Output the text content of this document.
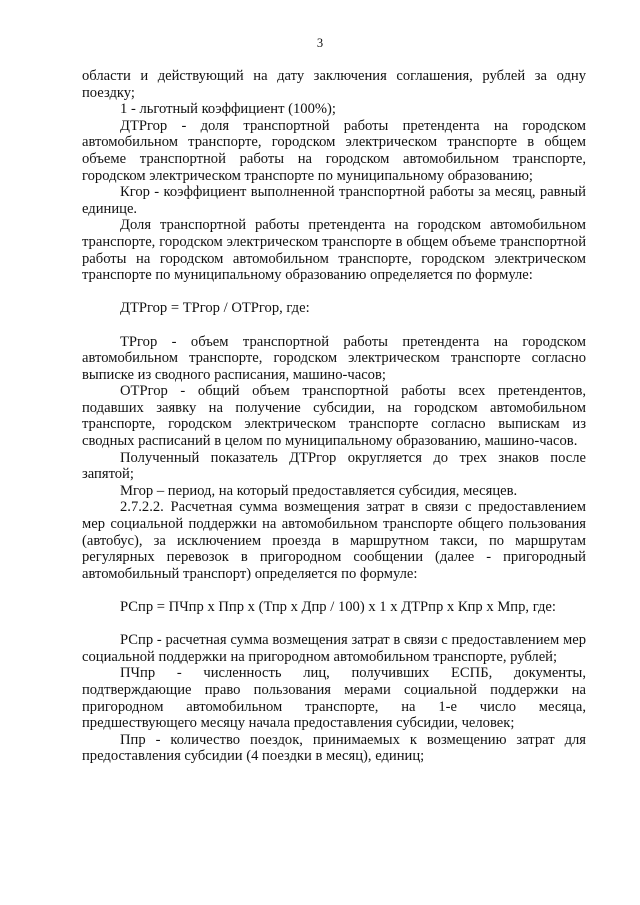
3

области и действующий на дату заключения соглашения, рублей за одну поездку;

1 - льготный коэффициент (100%);

ДТРгор - доля транспортной работы претендента на городском автомобильном транспорте, городском электрическом транспорте в общем объеме транспортной работы на городском автомобильном транспорте, городском электрическом транспорте по муниципальному образованию;

Кгор - коэффициент выполненной транспортной работы за месяц, равный единице.

Доля транспортной работы претендента на городском автомобильном транспорте, городском электрическом транспорте в общем объеме транспортной работы на городском автомобильном транспорте, городском электрическом транспорте по муниципальному образованию определяется по формуле:

ДТРгор = ТРгор / ОТРгор, где:

ТРгор - объем транспортной работы претендента на городском автомобильном транспорте, городском электрическом транспорте согласно выписке из сводного расписания, машино-часов;

ОТРгор - общий объем транспортной работы всех претендентов, подавших заявку на получение субсидии, на городском автомобильном транспорте, городском электрическом транспорте согласно выпискам из сводных расписаний в целом по муниципальному образованию, машино-часов.

Полученный показатель ДТРгор округляется до трех знаков после запятой;

Мгор – период, на который предоставляется субсидия, месяцев.

2.7.2.2. Расчетная сумма возмещения затрат в связи с предоставлением мер социальной поддержки на автомобильном транспорте общего пользования (автобус), за исключением проезда в маршрутном такси, по маршрутам регулярных перевозок в пригородном сообщении (далее - пригородный автомобильный транспорт) определяется по формуле:

РСпр = ПЧпр х Ппр х (Тпр х Дпр / 100) х 1 х ДТРпр х Кпр х Мпр, где:

РСпр - расчетная сумма возмещения затрат в связи с предоставлением мер социальной поддержки на пригородном автомобильном транспорте, рублей;

ПЧпр - численность лиц, получивших ЕСПБ, документы, подтверждающие право пользования мерами социальной поддержки на пригородном автомобильном транспорте, на 1-е число месяца, предшествующего месяцу начала предоставления субсидии, человек;

Ппр - количество поездок, принимаемых к возмещению затрат для предоставления субсидии (4 поездки в месяц), единиц;
